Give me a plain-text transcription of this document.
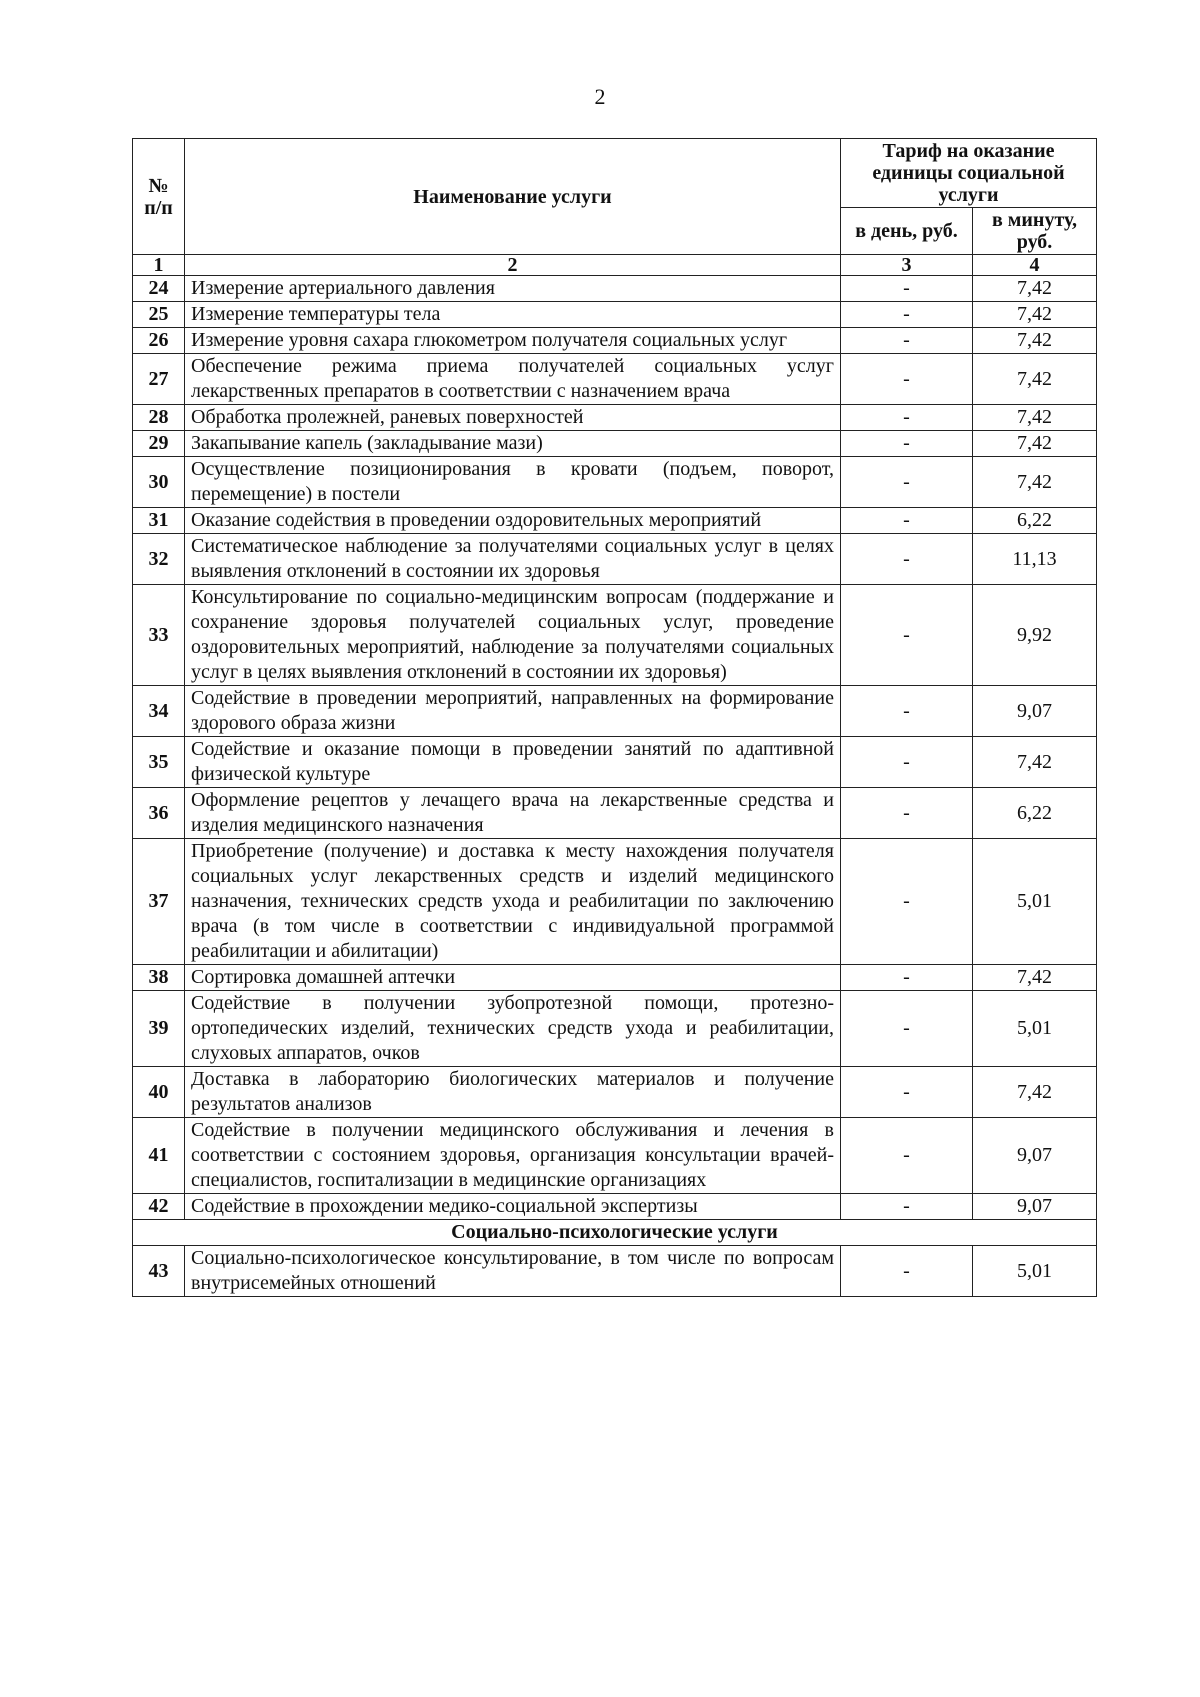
2
№
п/п	Наименование услуги	Тариф на оказание единицы социальной услуги	
		в день, руб.	в минуту, руб.
1	2	3	4
24	Измерение артериального давления	-	7,42
25	Измерение температуры тела	-	7,42
26	Измерение уровня сахара глюкометром получателя социальных услуг	-	7,42
27	Обеспечение режима приема получателей социальных услуг лекарственных препаратов в соответствии с назначением врача	-	7,42
28	Обработка пролежней, раневых поверхностей	-	7,42
29	Закапывание капель (закладывание мази)	-	7,42
30	Осуществление позиционирования в кровати (подъем, поворот, перемещение) в постели	-	7,42
31	Оказание содействия в проведении оздоровительных мероприятий	-	6,22
32	Систематическое наблюдение за получателями социальных услуг в целях выявления отклонений в состоянии их здоровья	-	11,13
33	Консультирование по социально-медицинским вопросам (поддержание и сохранение здоровья получателей социальных услуг, проведение оздоровительных мероприятий, наблюдение за получателями социальных услуг в целях выявления отклонений в состоянии их здоровья)	-	9,92
34	Содействие в проведении мероприятий, направленных на формирование здорового образа жизни	-	9,07
35	Содействие и оказание помощи в проведении занятий по адаптивной физической культуре	-	7,42
36	Оформление рецептов у лечащего врача на лекарственные средства и изделия медицинского назначения	-	6,22
37	Приобретение (получение) и доставка к месту нахождения получателя социальных услуг лекарственных средств и изделий медицинского назначения, технических средств ухода и реабилитации по заключению врача (в том числе в соответствии с индивидуальной программой реабилитации и абилитации)	-	5,01
38	Сортировка домашней аптечки	-	7,42
39	Содействие в получении зубопротезной помощи, протезно-ортопедических изделий, технических средств ухода и реабилитации, слуховых аппаратов, очков	-	5,01
40	Доставка в лабораторию биологических материалов и получение результатов анализов	-	7,42
41	Содействие в получении медицинского обслуживания и лечения в соответствии с состоянием здоровья, организация консультации врачей-специалистов, госпитализации в медицинские организациях	-	9,07
42	Содействие в прохождении медико-социальной экспертизы	-	9,07
Социально-психологические услуги			
43	Социально-психологическое консультирование, в том числе по вопросам внутрисемейных отношений	-	5,01
